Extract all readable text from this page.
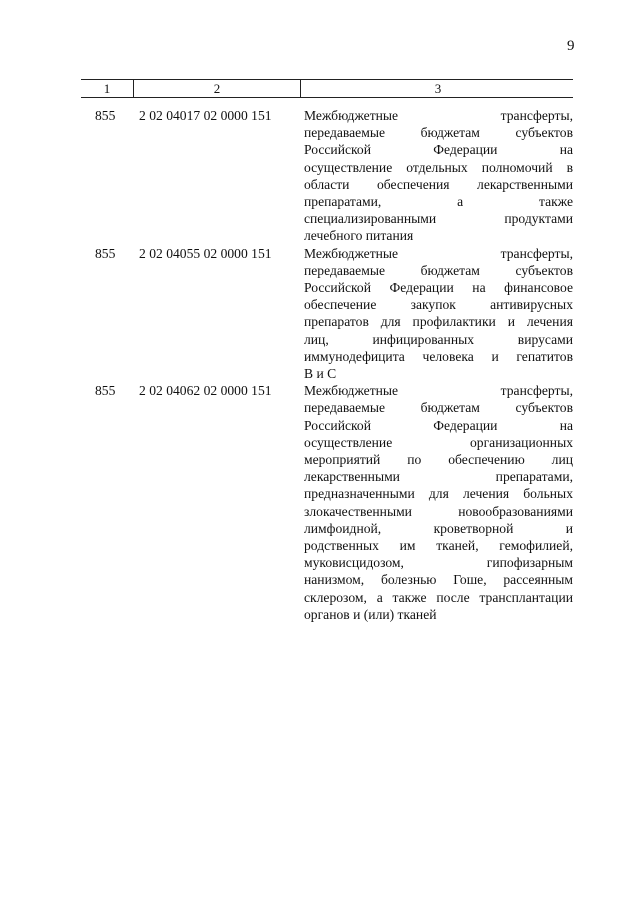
9
1	2	3
855	2 02 04017 02 0000 151	Межбюджетные трансферты,
передаваемые бюджетам субъектов
Российской Федерации на
осуществление отдельных полномочий в
области обеспечения лекарственными
препаратами, а также
специализированными продуктами
лечебного питания
855	2 02 04055 02 0000 151	Межбюджетные трансферты,
передаваемые бюджетам субъектов
Российской Федерации на финансовое
обеспечение закупок антивирусных
препаратов для профилактики и лечения
лиц, инфицированных вирусами
иммунодефицита человека и гепатитов
В и С
855	2 02 04062 02 0000 151	Межбюджетные трансферты,
передаваемые бюджетам субъектов
Российской Федерации на
осуществление организационных
мероприятий по обеспечению лиц
лекарственными препаратами,
предназначенными для лечения больных
злокачественными новообразованиями
лимфоидной, кроветворной и
родственных им тканей, гемофилией,
муковисцидозом, гипофизарным
нанизмом, болезнью Гоше, рассеянным
склерозом, а также после трансплантации
органов и (или) тканей
